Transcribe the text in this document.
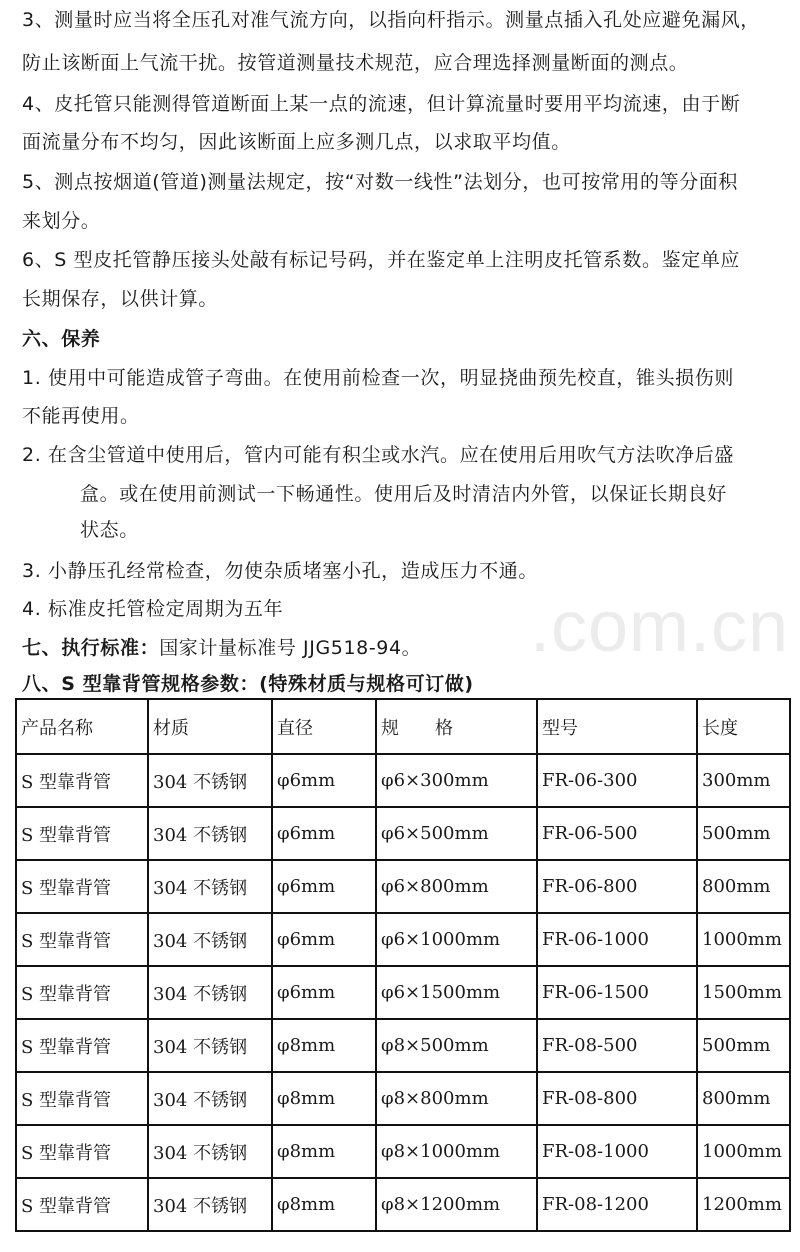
.com.cn
3、测量时应当将全压孔对准气流方向，以指向杆指示。测量点插入孔处应避免漏风，
防止该断面上气流干扰。按管道测量技术规范，应合理选择测量断面的测点。
4、皮托管只能测得管道断面上某一点的流速，但计算流量时要用平均流速，由于断
面流量分布不均匀，因此该断面上应多测几点，以求取平均值。
5、测点按烟道(管道)测量法规定，按“对数一线性”法划分，也可按常用的等分面积
来划分。
6、S 型皮托管静压接头处敲有标记号码，并在鉴定单上注明皮托管系数。鉴定单应
长期保存，以供计算。
六、保养
1. 使用中可能造成管子弯曲。在使用前检查一次，明显挠曲预先校直，锥头损伤则
不能再使用。
2. 在含尘管道中使用后，管内可能有积尘或水汽。应在使用后用吹气方法吹净后盛
盒。或在使用前测试一下畅通性。使用后及时清洁内外管，以保证长期良好
状态。
3. 小静压孔经常检查，勿使杂质堵塞小孔，造成压力不通。
4. 标准皮托管检定周期为五年
七、执行标准：国家计量标准号 JJG518-94。
八、S 型靠背管规格参数：(特殊材质与规格可订做)
产品名称	材质	直径	规　　格	型号	长度
S 型靠背管	304 不锈钢	φ6mm	φ6×300mm	FR-06-300	300mm
S 型靠背管	304 不锈钢	φ6mm	φ6×500mm	FR-06-500	500mm
S 型靠背管	304 不锈钢	φ6mm	φ6×800mm	FR-06-800	800mm
S 型靠背管	304 不锈钢	φ6mm	φ6×1000mm	FR-06-1000	1000mm
S 型靠背管	304 不锈钢	φ6mm	φ6×1500mm	FR-06-1500	1500mm
S 型靠背管	304 不锈钢	φ8mm	φ8×500mm	FR-08-500	500mm
S 型靠背管	304 不锈钢	φ8mm	φ8×800mm	FR-08-800	800mm
S 型靠背管	304 不锈钢	φ8mm	φ8×1000mm	FR-08-1000	1000mm
S 型靠背管	304 不锈钢	φ8mm	φ8×1200mm	FR-08-1200	1200mm
